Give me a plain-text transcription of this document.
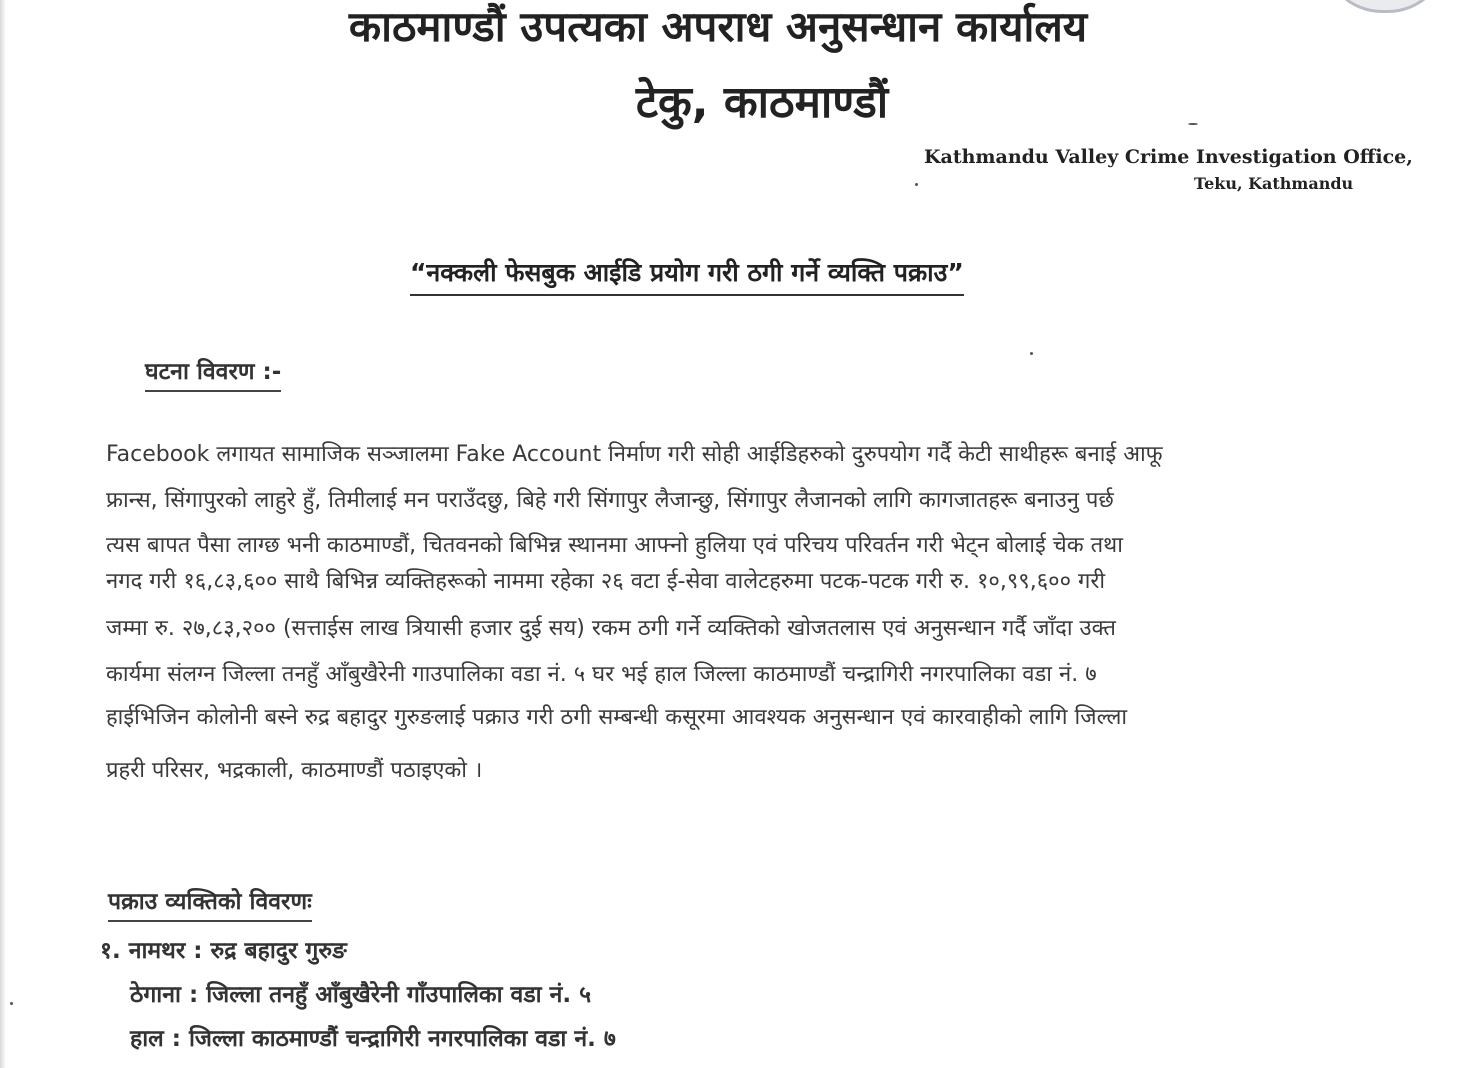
काठमाण्डौं उपत्यका अपराध अनुसन्धान कार्यालय
टेकु, काठमाण्डौं
Kathmandu Valley Crime Investigation Office,
Teku, Kathmandu
“नक्कली फेसबुक आईडि प्रयोग गरी ठगी गर्ने व्यक्ति पक्राउ”
घटना विवरण :-
Facebook लगायत सामाजिक सञ्जालमा Fake Account निर्माण गरी सोही आईडिहरुको दुरुपयोग गर्दै केटी साथीहरू बनाई आफू
फ्रान्स, सिंगापुरको लाहुरे हुँ, तिमीलाई मन पराउँदछु, बिहे गरी सिंगापुर लैजान्छु, सिंगापुर लैजानको लागि कागजातहरू बनाउनु पर्छ
त्यस बापत पैसा लाग्छ भनी काठमाण्डौं, चितवनको बिभिन्न स्थानमा आफ्नो हुलिया एवं परिचय परिवर्तन गरी भेट्न बोलाई चेक तथा
नगद गरी १६,८३,६०० साथै बिभिन्न व्यक्तिहरूको नाममा रहेका २६ वटा ई-सेवा वालेटहरुमा पटक-पटक गरी रु. १०,९९,६०० गरी
जम्मा रु. २७,८३,२०० (सत्ताईस लाख त्रियासी हजार दुई सय) रकम ठगी गर्ने व्यक्तिको खोजतलास एवं अनुसन्धान गर्दै जाँदा उक्त
कार्यमा संलग्न जिल्ला तनहुँ आँबुखैरेनी गाउपालिका वडा नं. ५ घर भई हाल जिल्ला काठमाण्डौं चन्द्रागिरी नगरपालिका वडा नं. ७
हाईभिजिन कोलोनी बस्ने रुद्र बहादुर गुरुङलाई पक्राउ गरी ठगी सम्बन्धी कसूरमा आवश्यक अनुसन्धान एवं कारवाहीको लागि जिल्ला
प्रहरी परिसर, भद्रकाली, काठमाण्डौं पठाइएको ।
पक्राउ व्यक्तिको विवरणः
१. नामथर : रुद्र बहादुर गुरुङ
ठेगाना : जिल्ला तनहुँ आँबुखैरेनी गाँउपालिका वडा नं. ५
हाल : जिल्ला काठमाण्डौं चन्द्रागिरी नगरपालिका वडा नं. ७
